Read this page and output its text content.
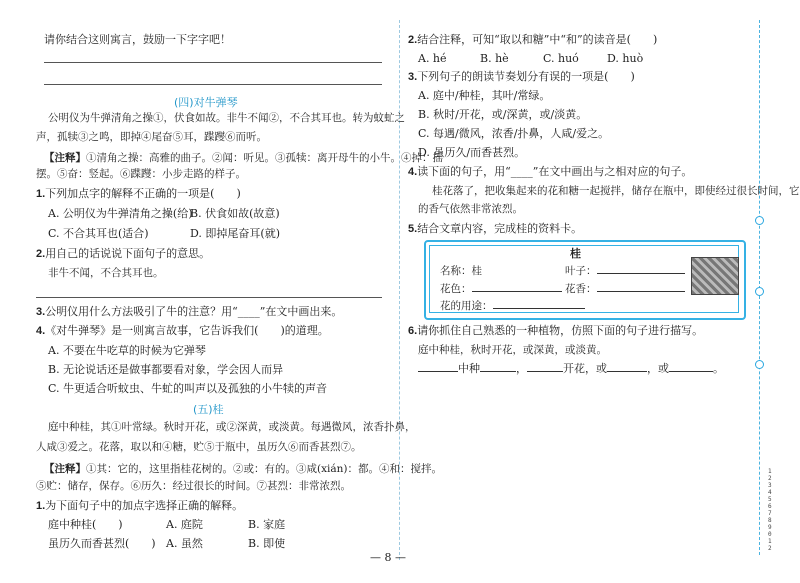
1
2
3
4
5
6
7
8
9
0
1
2
请你结合这则寓言，鼓励一下字字吧！
(四)对牛弹琴
公明仪为牛弹清角之操①，伏食如故。非牛不闻②，不合其耳也。转为蚊虻之
声，孤犊③之鸣，即掉④尾奋⑤耳，蹀躞⑥而听。
【注释】①清角之操：高雅的曲子。②闻：听见。③孤犊：离开母牛的小牛。④掉：摇
摆。⑤奋：竖起。⑥蹀躞：小步走路的样子。
1.下列加点字的解释不正确的一项是(　　)
A. 公明仪为牛弹清角之操(给)
B. 伏食如故(故意)
C. 不合其耳也(适合)	D. 即掉尾奋耳(就)
2.用自己的话说说下面句子的意思。
非牛不闻，不合其耳也。
3.公明仪用什么方法吸引了牛的注意？用“____”在文中画出来。
4.《对牛弹琴》是一则寓言故事，它告诉我们(　　)的道理。
A. 不要在牛吃草的时候为它弹琴
B. 无论说话还是做事都要看对象，学会因人而异
C. 牛更适合听蚊虫、牛虻的叫声以及孤独的小牛犊的声音
(五)桂
庭中种桂，其①叶常绿。秋时开花，或②深黄，或淡黄。每遇微风，浓香扑鼻，
人咸③爱之。花落，取以和④糖，贮⑤于瓶中，虽历久⑥而香甚烈⑦。
【注释】①其：它的，这里指桂花树的。②或：有的。③咸(xián)：都。④和：搅拌。
⑤贮：储存，保存。⑥历久：经过很长的时间。⑦甚烈：非常浓烈。
1.为下面句子中的加点字选择正确的解释。
庭中种桂(　　)	A. 庭院	B. 家庭
虽历久而香甚烈(　　) A. 虽然	B. 即使
2.结合注释，可知“取以和糖”中“和”的读音是(　　)
A. hé	B. hè	C. huó	D. huò
3.下列句子的朗读节奏划分有误的一项是(　　)
A. 庭中/种桂，其叶/常绿。
B. 秋时/开花，或/深黄，或/淡黄。
C. 每遇/微风，浓香/扑鼻，人咸/爱之。
D. 虽历久/而香甚烈。
4.读下面的句子，用“____”在文中画出与之相对应的句子。
桂花落了，把收集起来的花和糖一起搅拌，储存在瓶中，即使经过很长时间，它
的香气依然非常浓烈。
5.结合文章内容，完成桂的资料卡。
桂
名称：桂	叶子：
花色：	花香：
花的用途：
6.请你抓住自己熟悉的一种植物，仿照下面的句子进行描写。
庭中种桂，秋时开花，或深黄，或淡黄。
中种	，	开花，或	，或	。
— 8 —
